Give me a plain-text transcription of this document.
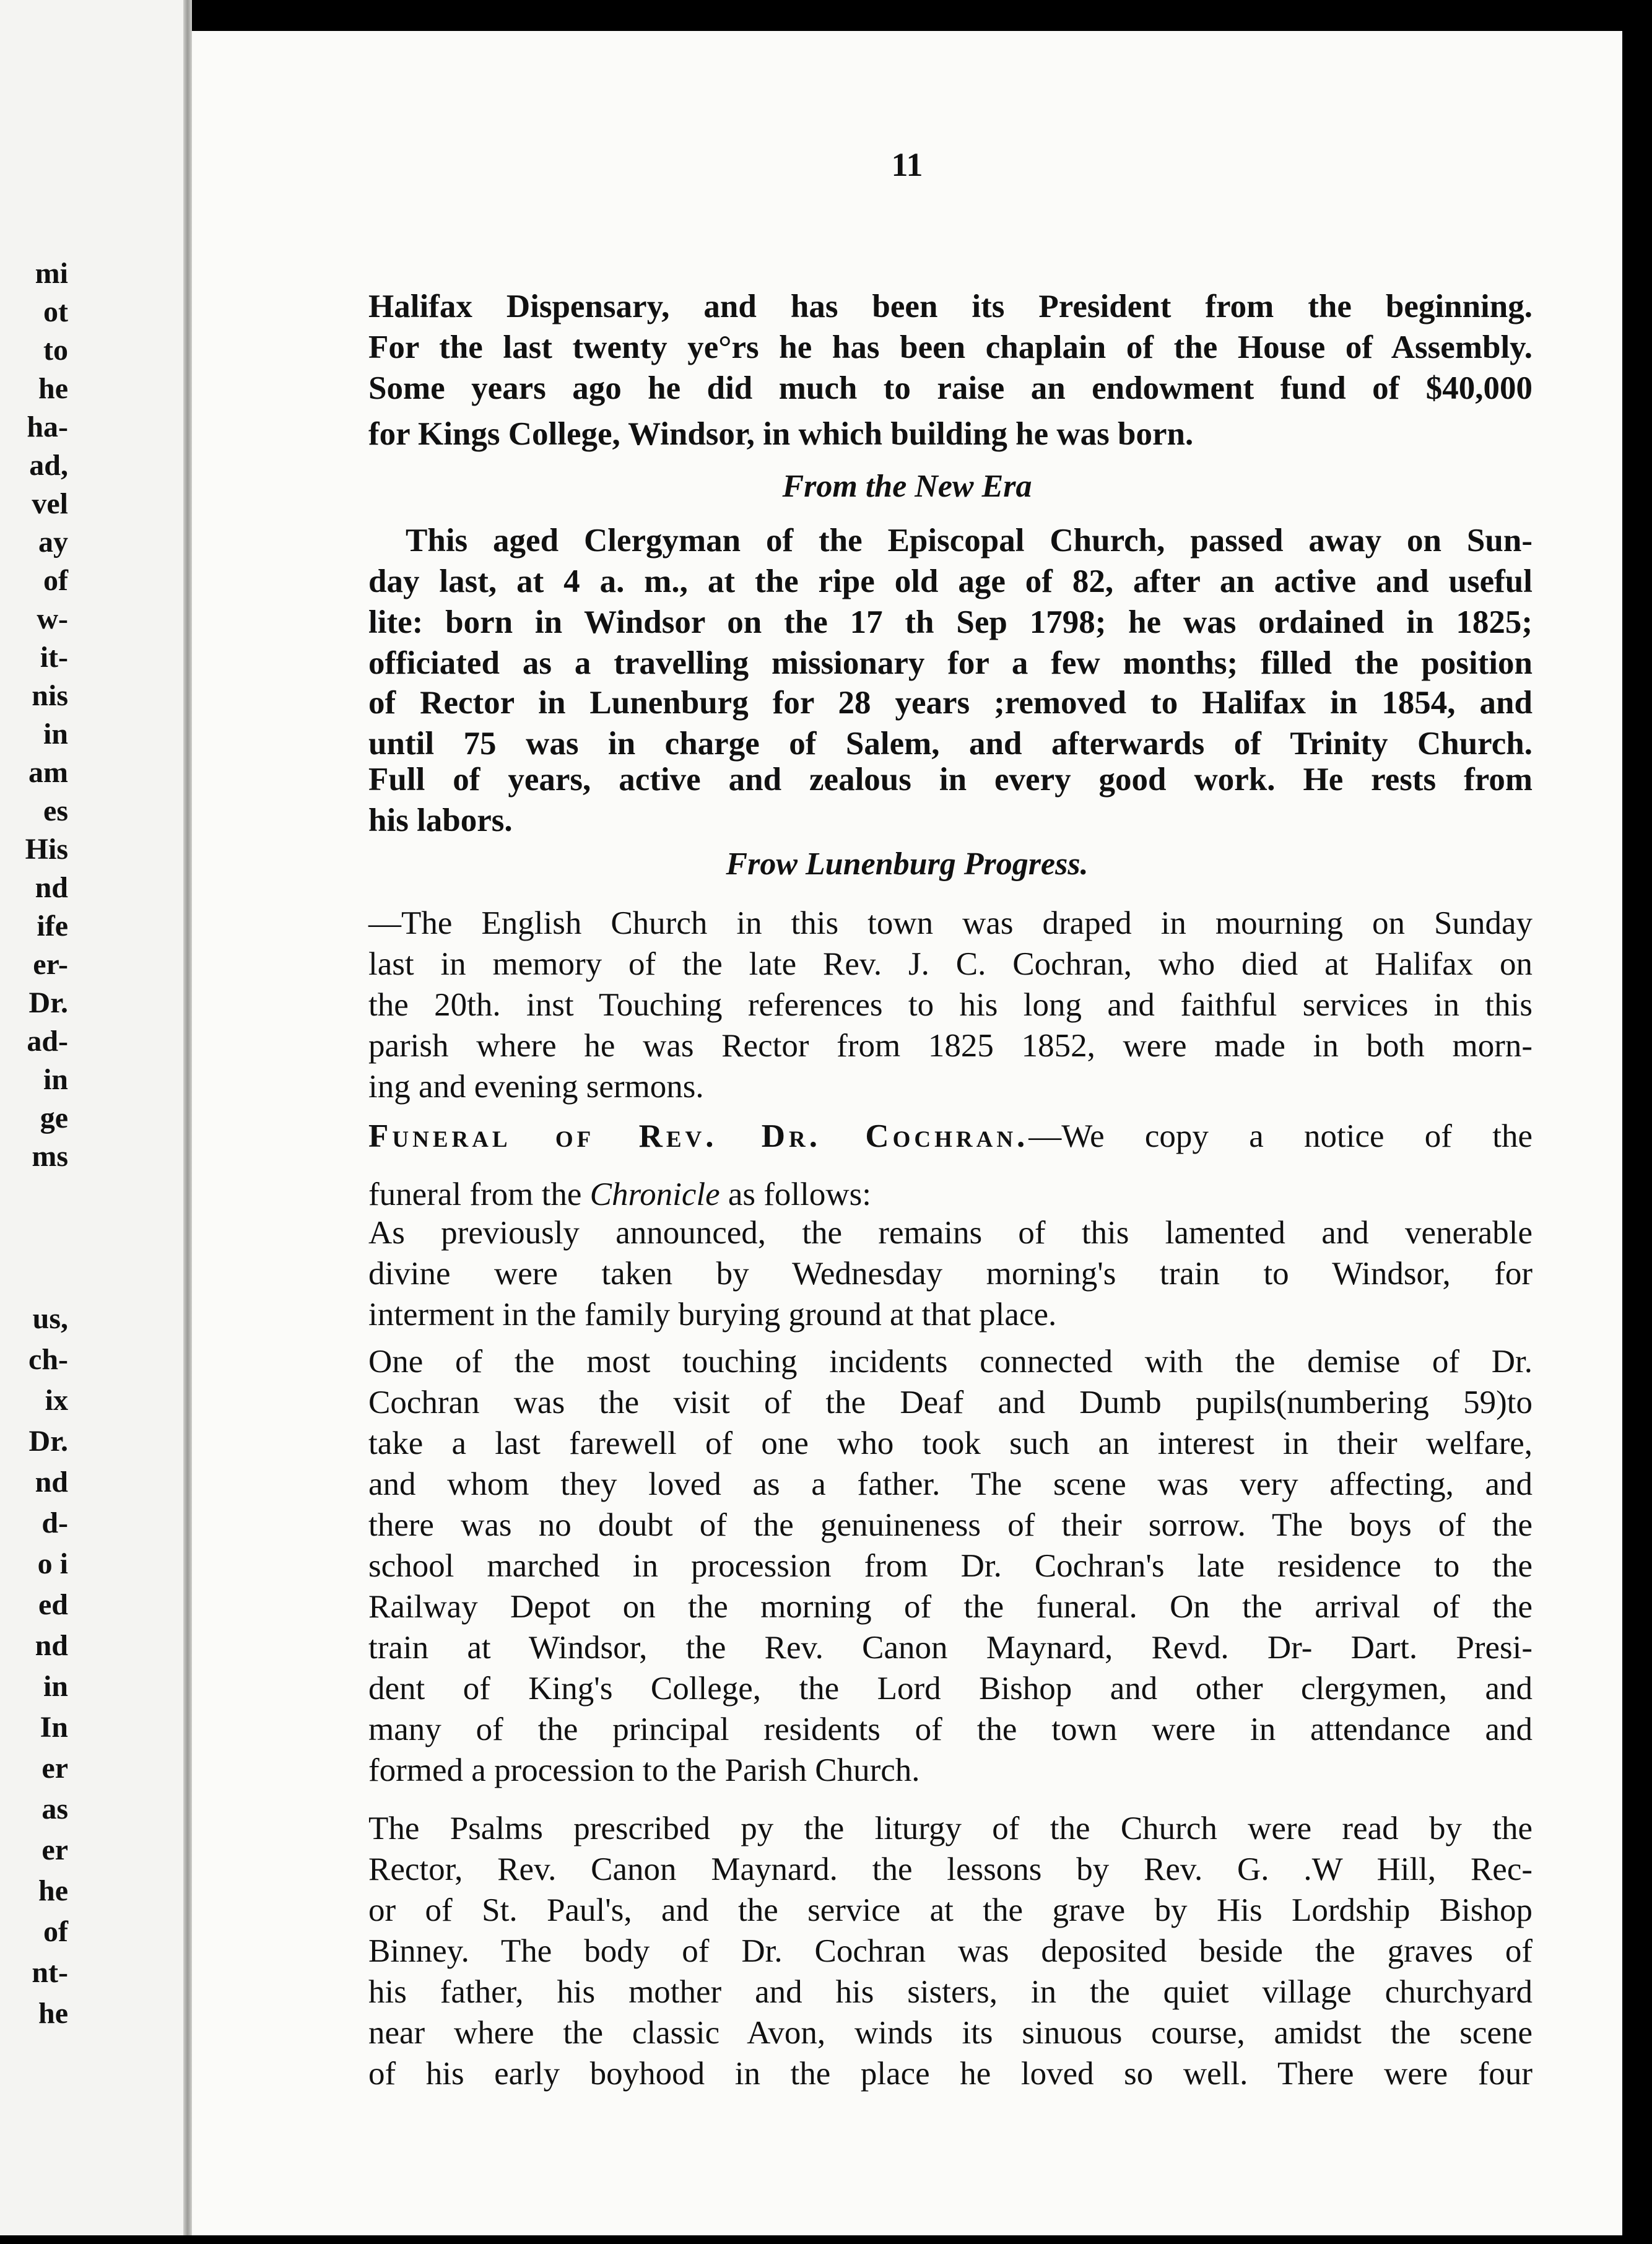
mi
ot
to
he
ha-
ad,
vel
ay
of
w-
it-
nis
in
am
es
His
nd
ife
er-
Dr.
ad-
in
ge
ms
us,
ch-
ix
Dr.
nd
d-
o i
ed
nd
in
In
er
as
er
he
of
nt-
he
11
Halifax Dispensary, and has been its President from the beginning.
For the last twenty ye°rs he has been chaplain of the House of Assembly.
Some years ago he did much to raise an endowment fund of $40,000
for Kings College, Windsor, in which building he was born.
From the New Era
This aged Clergyman of the Episcopal Church, passed away on Sun-
day last, at 4 a. m., at the ripe old age of 82, after an active and useful
lite: born in Windsor on the 17 th Sep 1798; he was ordained in 1825;
officiated as a travelling missionary for a few months; filled the position
of Rector in Lunenburg for 28 years ;removed to Halifax in 1854, and
until 75 was in charge of Salem, and afterwards of Trinity Church.
Full of years, active and zealous in every good work. He rests from
his labors.
Frow Lunenburg Progress.
—The English Church in this town was draped in mourning on Sunday
last in memory of the late Rev. J. C. Cochran, who died at Halifax on
the 20th. inst Touching references to his long and faithful services in this
parish where he was Rector from 1825 1852, were made in both morn-
ing and evening sermons.
Funeral of Rev. Dr. Cochran.—We copy a notice of the
funeral from the Chronicle as follows:
As previously announced, the remains of this lamented and venerable
divine were taken by Wednesday morning's train to Windsor, for
interment in the family burying ground at that place.
One of the most touching incidents connected with the demise of Dr.
Cochran was the visit of the Deaf and Dumb pupils(numbering 59)to
take a last farewell of one who took such an interest in their welfare,
and whom they loved as a father. The scene was very affecting, and
there was no doubt of the genuineness of their sorrow. The boys of the
school marched in procession from Dr. Cochran's late residence to the
Railway Depot on the morning of the funeral. On the arrival of the
train at Windsor, the Rev. Canon Maynard, Revd. Dr- Dart. Presi-
dent of King's College, the Lord Bishop and other clergymen, and
many of the principal residents of the town were in attendance and
formed a procession to the Parish Church.
The Psalms prescribed py the liturgy of the Church were read by the
Rector, Rev. Canon Maynard. the lessons by Rev. G. .W Hill, Rec-
or of St. Paul's, and the service at the grave by His Lordship Bishop
Binney. The body of Dr. Cochran was deposited beside the graves of
his father, his mother and his sisters, in the quiet village churchyard
near where the classic Avon, winds its sinuous course, amidst the scene
of his early boyhood in the place he loved so well. There were four
